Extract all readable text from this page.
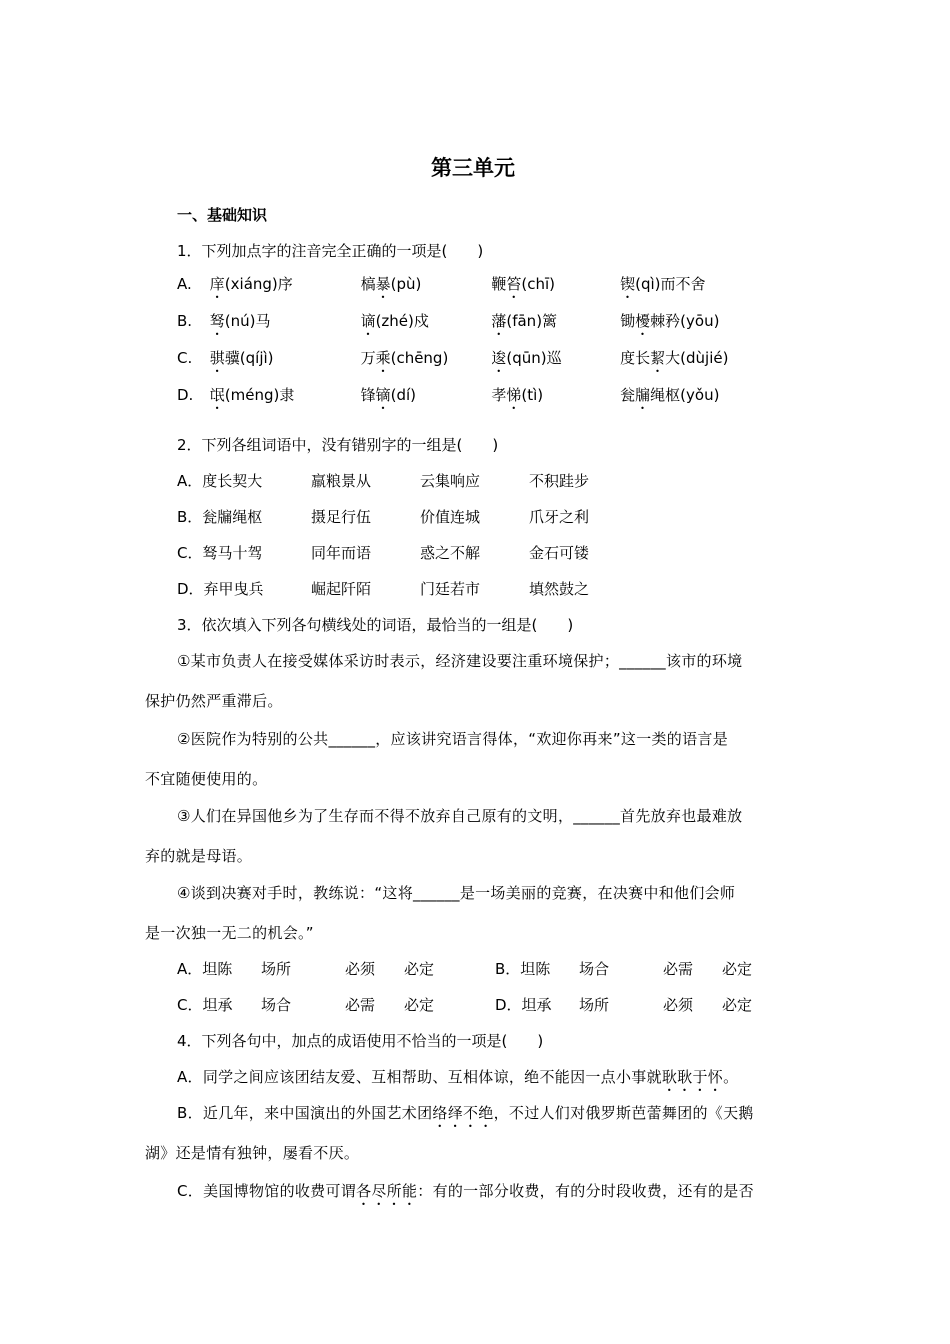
第三单元
一、基础知识
1．下列加点字的注音完全正确的一项是(　　)
A. 庠(xiáng)序	槁暴(pù)	鞭笞(chī)	锲(qì)而不舍
B. 驽(nú)马	谪(zhé)戍	藩(fān)篱	锄櫌棘矜(yōu)
C. 骐骥(qíjì)	万乘(chēng)	逡(qūn)巡	度长絜大(dùjié)
D. 氓(méng)隶	锋镝(dí)	孝悌(tì)	瓮牖绳枢(yǒu)
2．下列各组词语中，没有错别字的一组是(　　)
A．度长契大	羸粮景从	云集响应	不积跬步
B．瓮牖绳枢	摄足行伍	价值连城	爪牙之利
C．驽马十驾	同年而语	惑之不解	金石可镂
D．弃甲曳兵	崛起阡陌	门廷若市	填然鼓之
3．依次填入下列各句横线处的词语，最恰当的一组是(　　)
①某市负责人在接受媒体采访时表示，经济建设要注重环境保护；______该市的环境
保护仍然严重滞后。
②医院作为特别的公共______，应该讲究语言得体，“欢迎你再来”这一类的语言是
不宜随便使用的。
③人们在异国他乡为了生存而不得不放弃自己原有的文明，______首先放弃也最难放
弃的就是母语。
④谈到决赛对手时，教练说：“这将______是一场美丽的竞赛，在决赛中和他们会师
是一次独一无二的机会。”
A．坦陈 场所	必须 必定	B．坦陈 场合	必需 必定
C．坦承 场合	必需 必定	D．坦承 场所	必须 必定
4．下列各句中，加点的成语使用不恰当的一项是(　　)
A．同学之间应该团结友爱、互相帮助、互相体谅，绝不能因一点小事就耿耿于怀。
B．近几年，来中国演出的外国艺术团络绎不绝，不过人们对俄罗斯芭蕾舞团的《天鹅
湖》还是情有独钟，屡看不厌。
C．美国博物馆的收费可谓各尽所能：有的一部分收费，有的分时段收费，还有的是否
